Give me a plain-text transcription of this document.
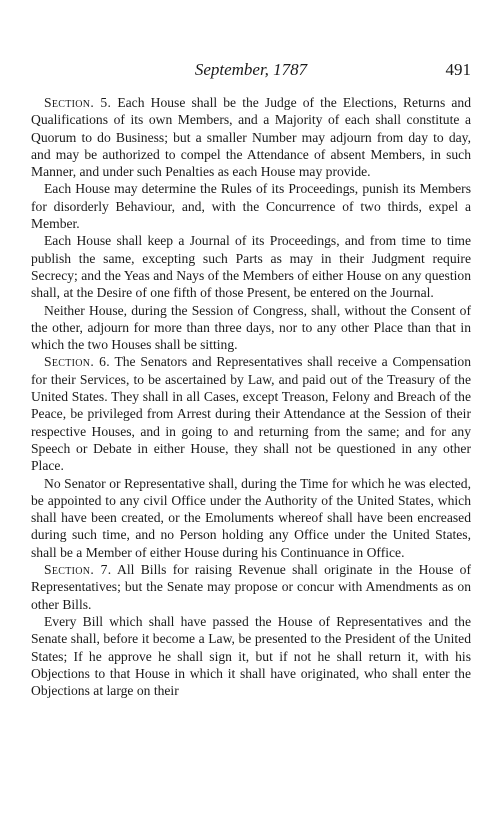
September, 1787	491

Section. 5. Each House shall be the Judge of the Elections, Returns and Qualifications of its own Members, and a Majority of each shall constitute a Quorum to do Business; but a smaller Number may adjourn from day to day, and may be authorized to compel the Attendance of absent Members, in such Manner, and under such Penalties as each House may provide.

Each House may determine the Rules of its Proceedings, punish its Members for disorderly Behaviour, and, with the Concurrence of two thirds, expel a Member.

Each House shall keep a Journal of its Proceedings, and from time to time publish the same, excepting such Parts as may in their Judgment require Secrecy; and the Yeas and Nays of the Members of either House on any question shall, at the Desire of one fifth of those Present, be entered on the Journal.

Neither House, during the Session of Congress, shall, without the Consent of the other, adjourn for more than three days, nor to any other Place than that in which the two Houses shall be sitting.

Section. 6. The Senators and Representatives shall receive a Compensation for their Services, to be ascertained by Law, and paid out of the Treasury of the United States. They shall in all Cases, except Treason, Felony and Breach of the Peace, be privileged from Arrest during their Attendance at the Session of their respective Houses, and in going to and returning from the same; and for any Speech or Debate in either House, they shall not be questioned in any other Place.

No Senator or Representative shall, during the Time for which he was elected, be appointed to any civil Office under the Authority of the United States, which shall have been created, or the Emoluments whereof shall have been encreased during such time, and no Person holding any Office under the United States, shall be a Member of either House during his Continuance in Office.

Section. 7. All Bills for raising Revenue shall originate in the House of Representatives; but the Senate may propose or concur with Amendments as on other Bills.

Every Bill which shall have passed the House of Representatives and the Senate shall, before it become a Law, be presented to the President of the United States; If he approve he shall sign it, but if not he shall return it, with his Objections to that House in which it shall have originated, who shall enter the Objections at large on their
